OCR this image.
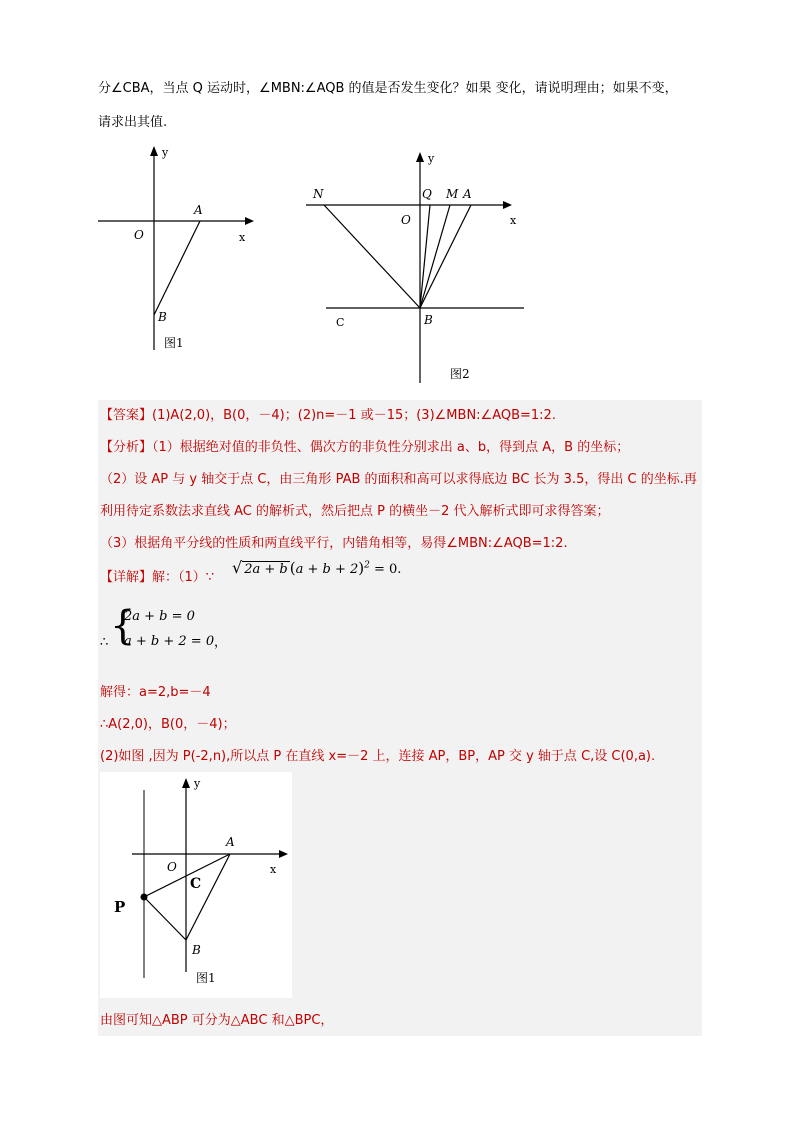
分∠CBA，当点 Q 运动时，∠MBN:∠AQB 的值是否发生变化？如果 变化，请说明理由；如果不变，
请求出其值.
y
x
O
A
B
图1
y
x
O
N	Q M A
B
C
图2
【答案】(1)A(2,0)，B(0，－4)；(2)n=－1 或－15；(3)∠MBN:∠AQB=1:2.
【分析】（1）根据绝对值的非负性、偶次方的非负性分别求出 a、b，得到点 A，B 的坐标；
（2）设 AP 与 y 轴交于点 C，由三角形 PAB 的面积和高可以求得底边 BC 长为 3.5，得出 C 的坐标.再
利用待定系数法求直线 AC 的解析式，然后把点 P 的横坐－2 代入解析式即可求得答案；
（3）根据角平分线的性质和两直线平行，内错角相等，易得∠MBN:∠AQB=1:2.
【详解】解：（1）∵
√ 2a + b $(a + b + 2)^2 = 0$.
∴ {
2a + b = 0
a + b + 2 = 0 ，
解得：a=2,b=－4
∴A(2,0)，B(0，－4)；
(2)如图 ,因为 P(-2,n),所以点 P 在直线 x=－2 上，连接 AP，BP，AP 交 y 轴于点 C,设 C(0,a).
y
x
O
A
C
P
B
图1
由图可知△ABP 可分为△ABC 和△BPC，
